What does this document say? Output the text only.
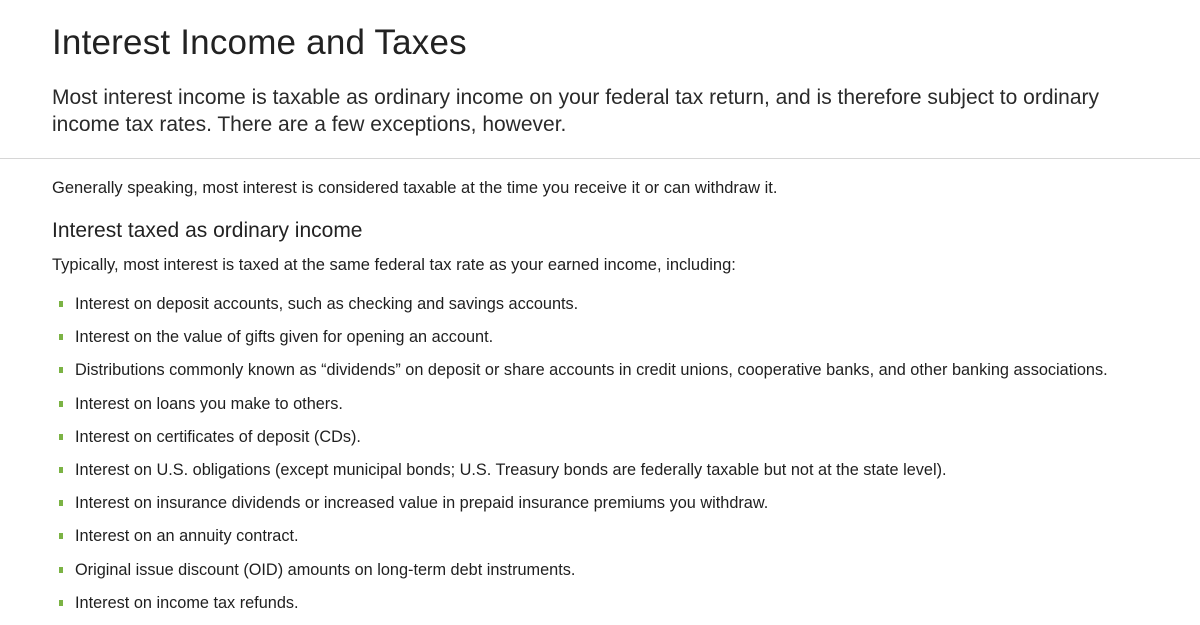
Interest Income and Taxes

Most interest income is taxable as ordinary income on your federal tax return, and is therefore subject to ordinary income tax rates. There are a few exceptions, however.

Generally speaking, most interest is considered taxable at the time you receive it or can withdraw it.

Interest taxed as ordinary income

Typically, most interest is taxed at the same federal tax rate as your earned income, including:

Interest on deposit accounts, such as checking and savings accounts.
Interest on the value of gifts given for opening an account.
Distributions commonly known as “dividends” on deposit or share accounts in credit unions, cooperative banks, and other banking associations.
Interest on loans you make to others.
Interest on certificates of deposit (CDs).
Interest on U.S. obligations (except municipal bonds; U.S. Treasury bonds are federally taxable but not at the state level).
Interest on insurance dividends or increased value in prepaid insurance premiums you withdraw.
Interest on an annuity contract.
Original issue discount (OID) amounts on long-term debt instruments.
Interest on income tax refunds.
